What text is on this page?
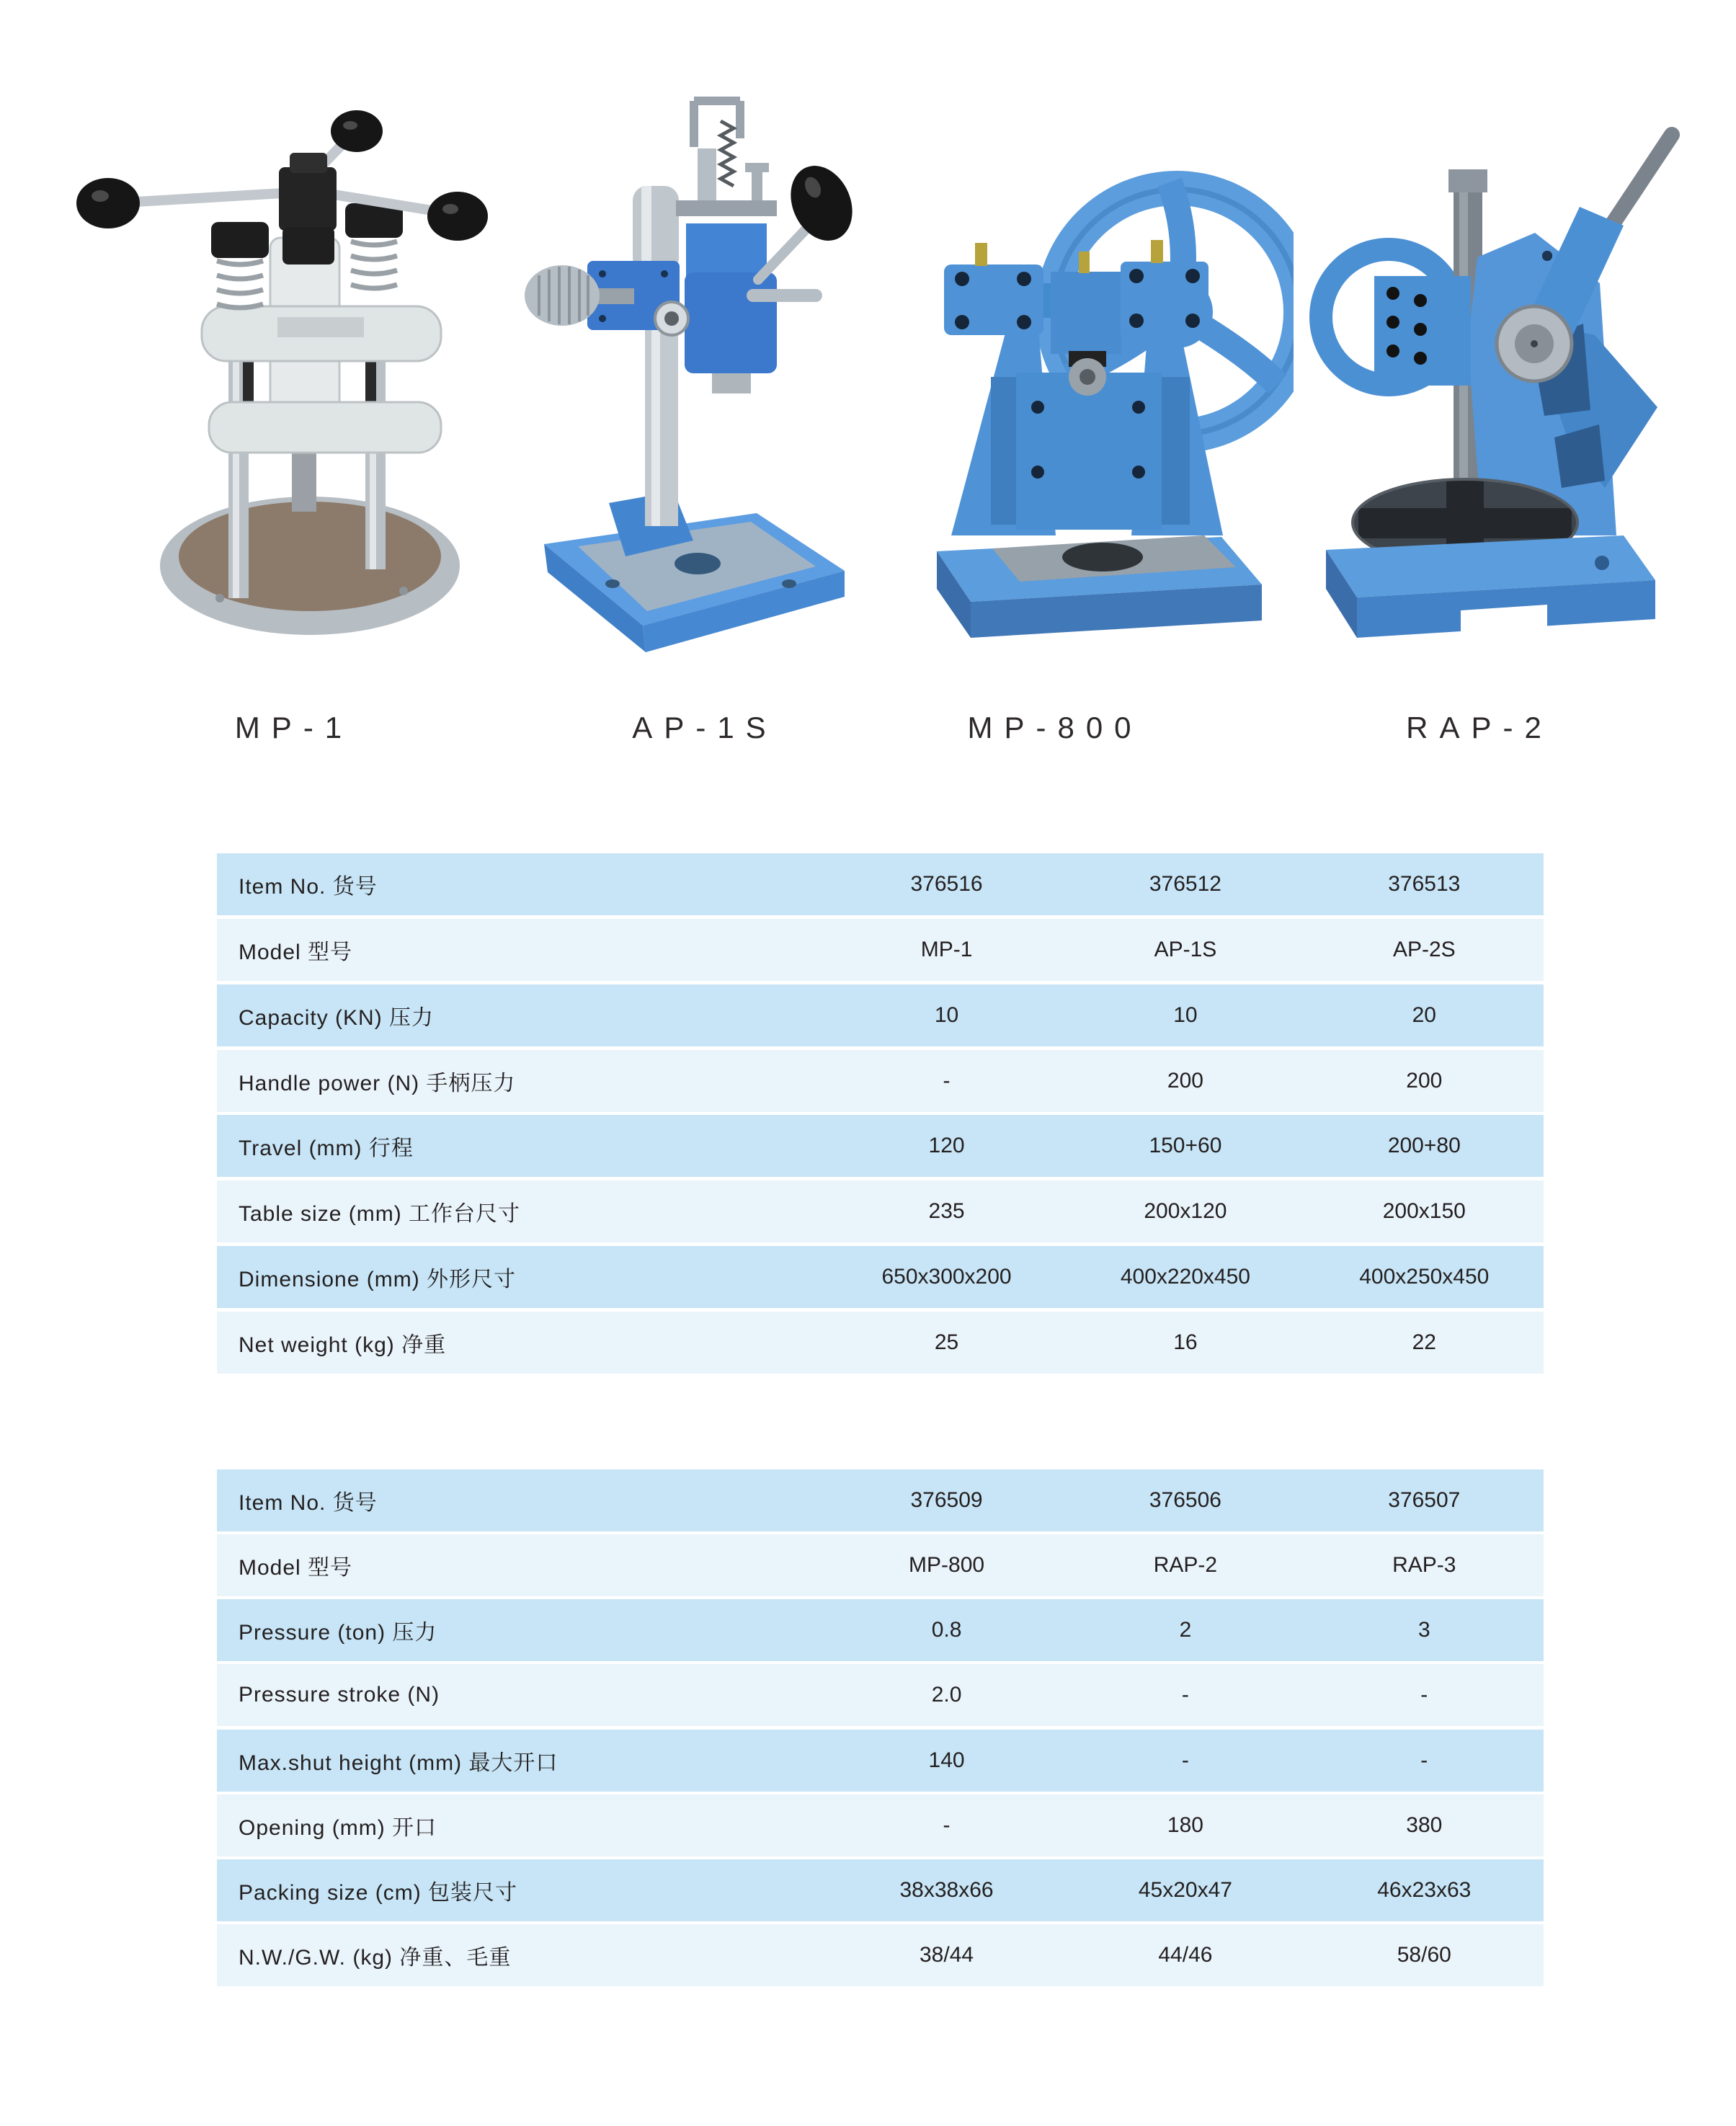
MP-1	AP-1S	MP-800	RAP-2
Item No. 货号	376516	376512	376513
Model 型号	MP-1	AP-1S	AP-2S
Capacity (KN) 压力	10	10	20
Handle power (N) 手柄压力	-	200	200
Travel (mm) 行程	120	150+60	200+80
Table size (mm) 工作台尺寸	235	200x120	200x150
Dimensione (mm) 外形尺寸	650x300x200	400x220x450	400x250x450
Net weight (kg) 净重	25	16	22
Item No. 货号	376509	376506	376507
Model 型号	MP-800	RAP-2	RAP-3
Pressure (ton) 压力	0.8	2	3
Pressure stroke (N)	2.0	-	-
Max.shut height (mm) 最大开口	140	-	-
Opening (mm) 开口	-	180	380
Packing size (cm) 包装尺寸	38x38x66	45x20x47	46x23x63
N.W./G.W. (kg) 净重、毛重	38/44	44/46	58/60
